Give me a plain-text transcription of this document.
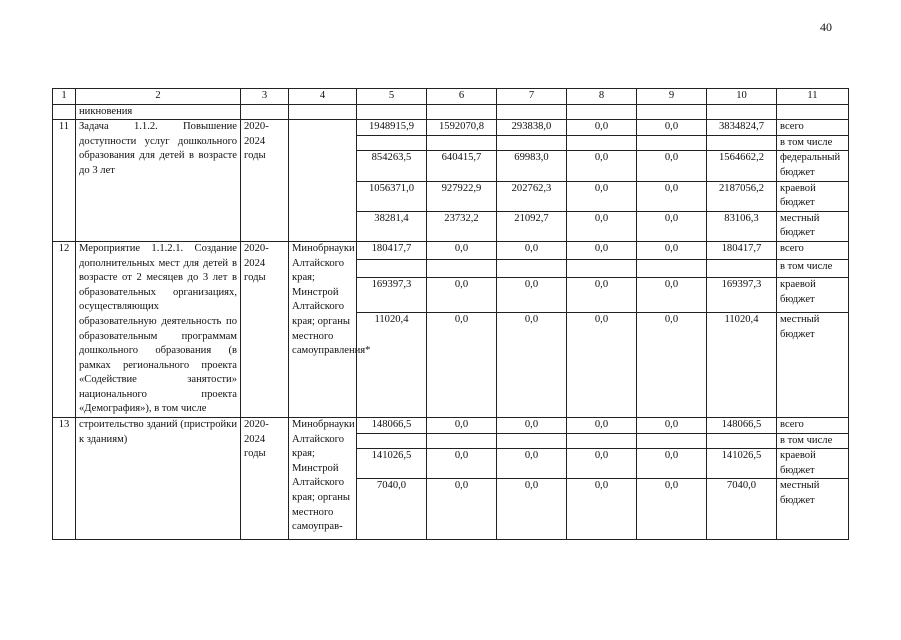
40
1	2	3	4	5	6	7	8	9	10	11
	никновения									
11	Задача 1.1.2. Повышение доступности услуг дошкольного образования для детей в возрасте до 3 лет	2020-2024 годы		1948915,9	1592070,8	293838,0	0,0	0,0	3834824,7	всего
										в том числе
				854263,5	640415,7	69983,0	0,0	0,0	1564662,2	федеральный бюджет
				1056371,0	927922,9	202762,3	0,0	0,0	2187056,2	краевой бюджет
				38281,4	23732,2	21092,7	0,0	0,0	83106,3	местный бюджет
12	Мероприятие 1.1.2.1. Создание дополнительных мест для детей в возрасте от 2 месяцев до 3 лет в образовательных организациях, осуществляющих образовательную деятельность по образовательным программам дошкольного образования (в рамках регионального проекта «Содействие занятости» национального проекта «Демография»), в том числе	2020-2024 годы	Минобрнауки Алтайского края; Минстрой Алтайского края; органы местного самоуправления*	180417,7	0,0	0,0	0,0	0,0	180417,7	всего
										в том числе
				169397,3	0,0	0,0	0,0	0,0	169397,3	краевой бюджет
				11020,4	0,0	0,0	0,0	0,0	11020,4	местный бюджет
13	строительство зданий (пристройки к зданиям)	2020-2024 годы	Минобрнауки Алтайского края; Минстрой Алтайского края; органы местного самоуправ-	148066,5	0,0	0,0	0,0	0,0	148066,5	всего
										в том числе
				141026,5	0,0	0,0	0,0	0,0	141026,5	краевой бюджет
				7040,0	0,0	0,0	0,0	0,0	7040,0	местный бюджет
